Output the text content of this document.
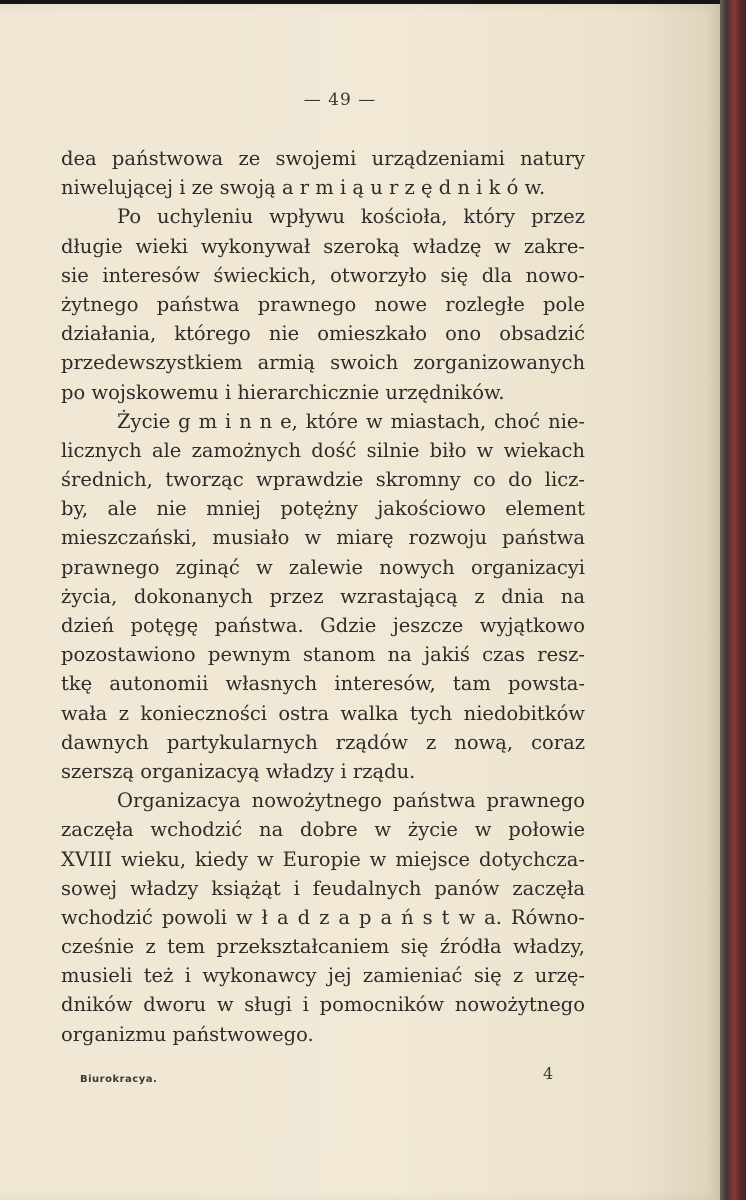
— 49 —
dea państwowa ze swojemi urządzeniami natury
niwelującej i ze swoją a r m i ą u r z ę d n i k ó w.
Po uchyleniu wpływu kościoła, który przez
długie wieki wykonywał szeroką władzę w zakre-
sie interesów świeckich, otworzyło się dla nowo-
żytnego państwa prawnego nowe rozległe pole
działania, którego nie omieszkało ono obsadzić
przedewszystkiem armią swoich zorganizowanych
po wojskowemu i hierarchicznie urzędników.
Życie g m i n n e, które w miastach, choć nie-
licznych ale zamożnych dość silnie biło w wiekach
średnich, tworząc wprawdzie skromny co do licz-
by, ale nie mniej potężny jakościowo element
mieszczański, musiało w miarę rozwoju państwa
prawnego zginąć w zalewie nowych organizacyi
życia, dokonanych przez wzrastającą z dnia na
dzień potęgę państwa. Gdzie jeszcze wyjątkowo
pozostawiono pewnym stanom na jakiś czas resz-
tkę autonomii własnych interesów, tam powsta-
wała z konieczności ostra walka tych niedobitków
dawnych partykularnych rządów z nową, coraz
szerszą organizacyą władzy i rządu.
Organizacya nowożytnego państwa prawnego
zaczęła wchodzić na dobre w życie w połowie
XVIII wieku, kiedy w Europie w miejsce dotychcza-
sowej władzy książąt i feudalnych panów zaczęła
wchodzić powoli w ł a d z a p a ń s t w a. Równo-
cześnie z tem przekształcaniem się źródła władzy,
musieli też i wykonawcy jej zamieniać się z urzę-
dników dworu w sługi i pomocników nowożytnego
organizmu państwowego.
Biurokracya.	4
